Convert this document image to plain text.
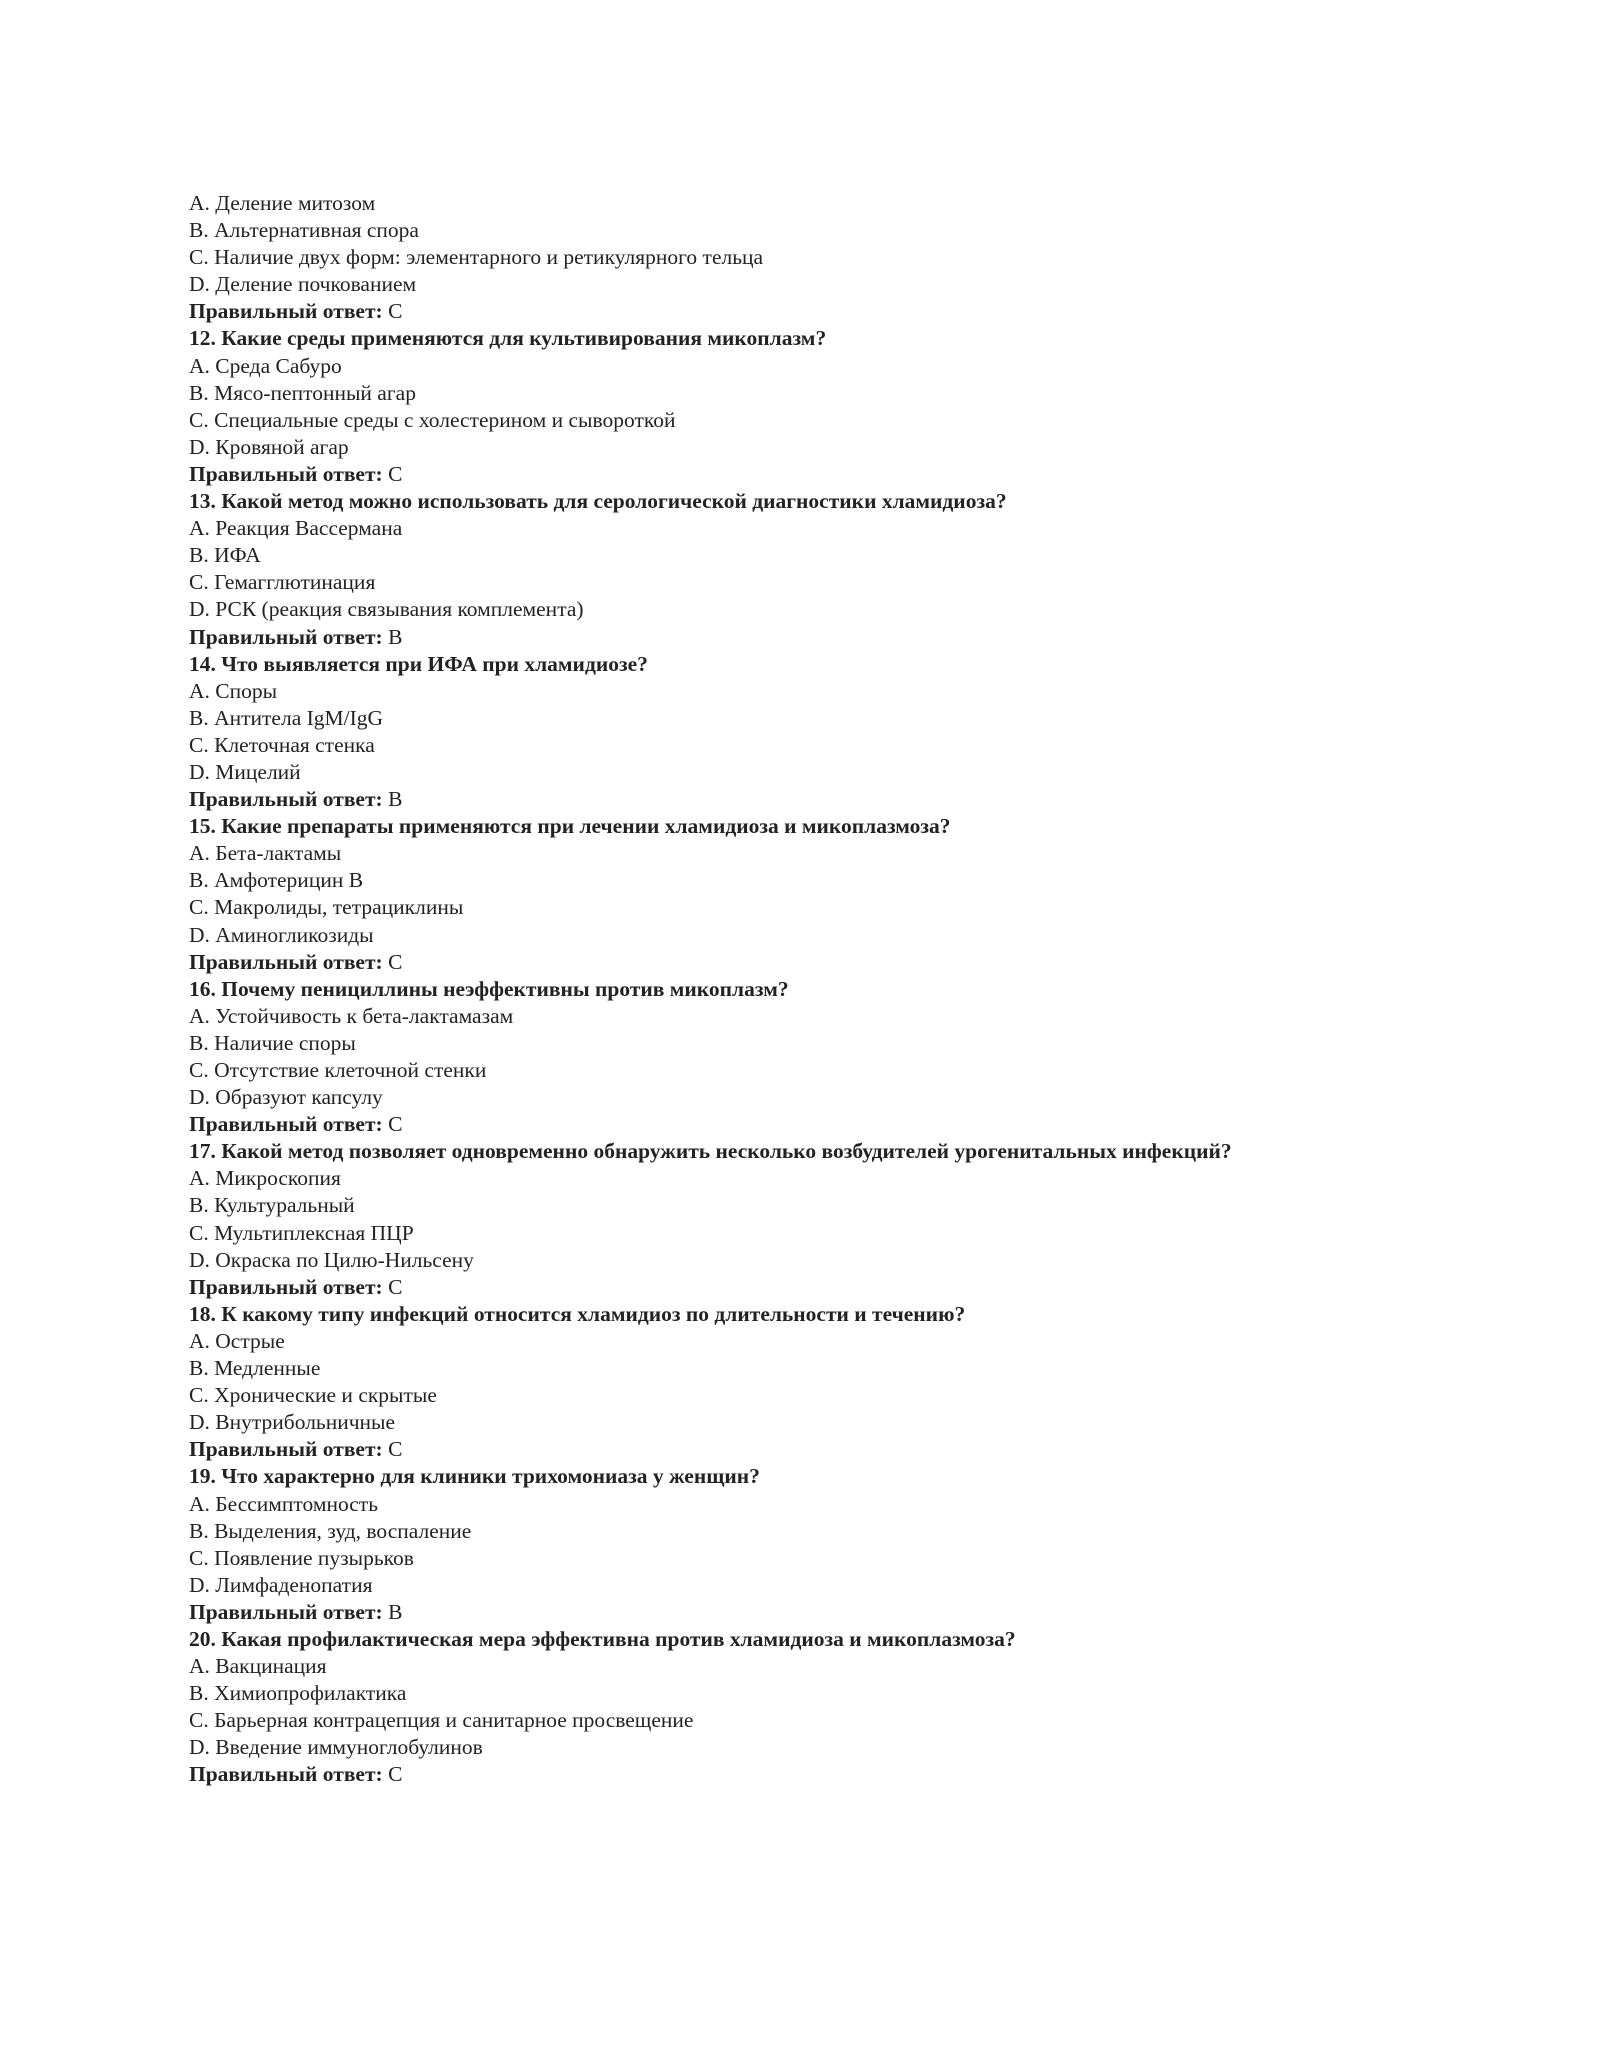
A. Деление митозом
B. Альтернативная спора
C. Наличие двух форм: элементарного и ретикулярного тельца
D. Деление почкованием
Правильный ответ: C
12. Какие среды применяются для культивирования микоплазм?
A. Среда Сабуро
B. Мясо-пептонный агар
C. Специальные среды с холестерином и сывороткой
D. Кровяной агар
Правильный ответ: C
13. Какой метод можно использовать для серологической диагностики хламидиоза?
A. Реакция Вассермана
B. ИФА
C. Гемагглютинация
D. РСК (реакция связывания комплемента)
Правильный ответ: B
14. Что выявляется при ИФА при хламидиозе?
A. Споры
B. Антитела IgM/IgG
C. Клеточная стенка
D. Мицелий
Правильный ответ: B
15. Какие препараты применяются при лечении хламидиоза и микоплазмоза?
A. Бета-лактамы
B. Амфотерицин B
C. Макролиды, тетрациклины
D. Аминогликозиды
Правильный ответ: C
16. Почему пенициллины неэффективны против микоплазм?
A. Устойчивость к бета-лактамазам
B. Наличие споры
C. Отсутствие клеточной стенки
D. Образуют капсулу
Правильный ответ: C
17. Какой метод позволяет одновременно обнаружить несколько возбудителей урогенитальных инфекций?
A. Микроскопия
B. Культуральный
C. Мультиплексная ПЦР
D. Окраска по Цилю-Нильсену
Правильный ответ: C
18. К какому типу инфекций относится хламидиоз по длительности и течению?
A. Острые
B. Медленные
C. Хронические и скрытые
D. Внутрибольничные
Правильный ответ: C
19. Что характерно для клиники трихомониаза у женщин?
A. Бессимптомность
B. Выделения, зуд, воспаление
C. Появление пузырьков
D. Лимфаденопатия
Правильный ответ: B
20. Какая профилактическая мера эффективна против хламидиоза и микоплазмоза?
A. Вакцинация
B. Химиопрофилактика
C. Барьерная контрацепция и санитарное просвещение
D. Введение иммуноглобулинов
Правильный ответ: C
